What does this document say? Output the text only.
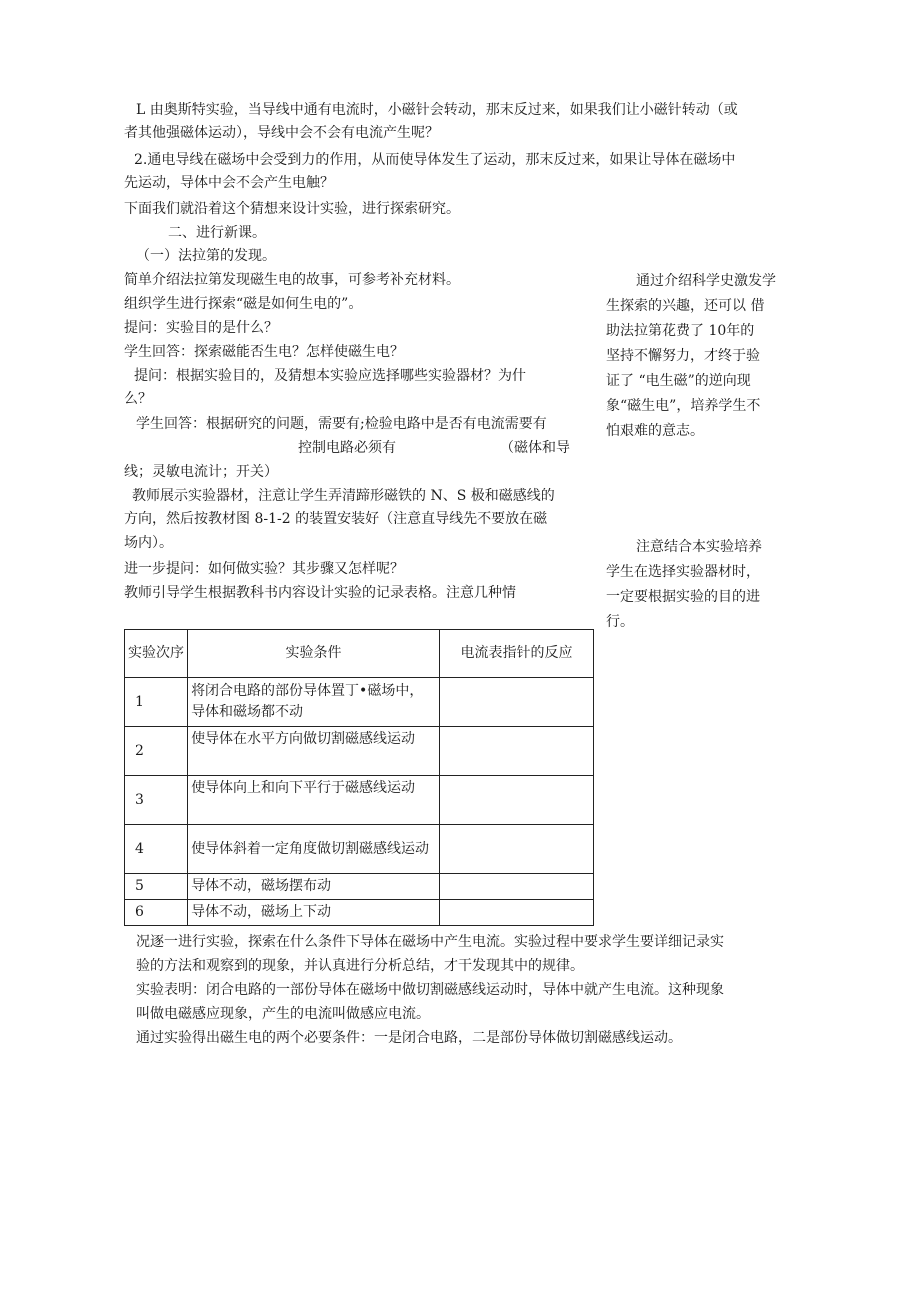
L 由奥斯特实验，当导线中通有电流时，小磁针会转动，那末反过来，如果我们让小磁针转动（或
者其他强磁体运动），导线中会不会有电流产生呢？
2.通电导线在磁场中会受到力的作用，从而使导体发生了运动，那末反过来，如果让导体在磁场中
先运动，导体中会不会产生电触？
下面我们就沿着这个猜想来设计实验，进行探索研究。
二、进行新课。
（一）法拉第的发现。
简单介绍法拉第发现磁生电的故事，可参考补充材料。
组织学生进行探索“磁是如何生电的”。
提问：实验目的是什么？
学生回答：探索磁能否生电？怎样使磁生电？
提问：根据实验目的，及猜想本实验应选择哪些实验器材？为什
么？
学生回答：根据研究的问题，需要有;检验电路中是否有电流需要有
控制电路必须有	（磁体和导
线；灵敏电流计；开关）
教师展示实验器材，注意让学生弄清蹄形磁铁的 N、S 极和磁感线的
方向，然后按教材图 8-1-2 的装置安装好（注意直导线先不要放在磁
场内）。
进一步提问：如何做实验？其步骤又怎样呢？
教师引导学生根据教科书内容设计实验的记录表格。注意几种情
通过介绍科学史激发学
生探索的兴趣，还可以 借
助法拉第花费了 10年的
坚持不懈努力，才终于验
证了 “电生磁”的逆向现
象“磁生电”，培养学生不
怕艰难的意志。
注意结合本实验培养
学生在选择实验器材时，
一定要根据实验的目的进
行。
实验次序	实验条件	电流表指针的反应
1	将闭合电路的部份导体置丁•磁场中，导体和磁场都不动	
2	使导体在水平方向做切割磁感线运动	
3	使导体向上和向下平行于磁感线运动	
4	使导体斜着一定角度做切割磁感线运动	
5	导体不动，磁场摆布动	
6	导体不动，磁场上下动	
况逐一进行实验，探索在什么条件下导体在磁场中产生电流。实验过程中要求学生要详细记录实
验的方法和观察到的现象，并认真进行分析总结，才干发现其中的规律。
实验表明：闭合电路的一部份导体在磁场中做切割磁感线运动时，导体中就产生电流。这种现象
叫做电磁感应现象，产生的电流叫做感应电流。
通过实验得出磁生电的两个必要条件：一是闭合电路，二是部份导体做切割磁感线运动。
